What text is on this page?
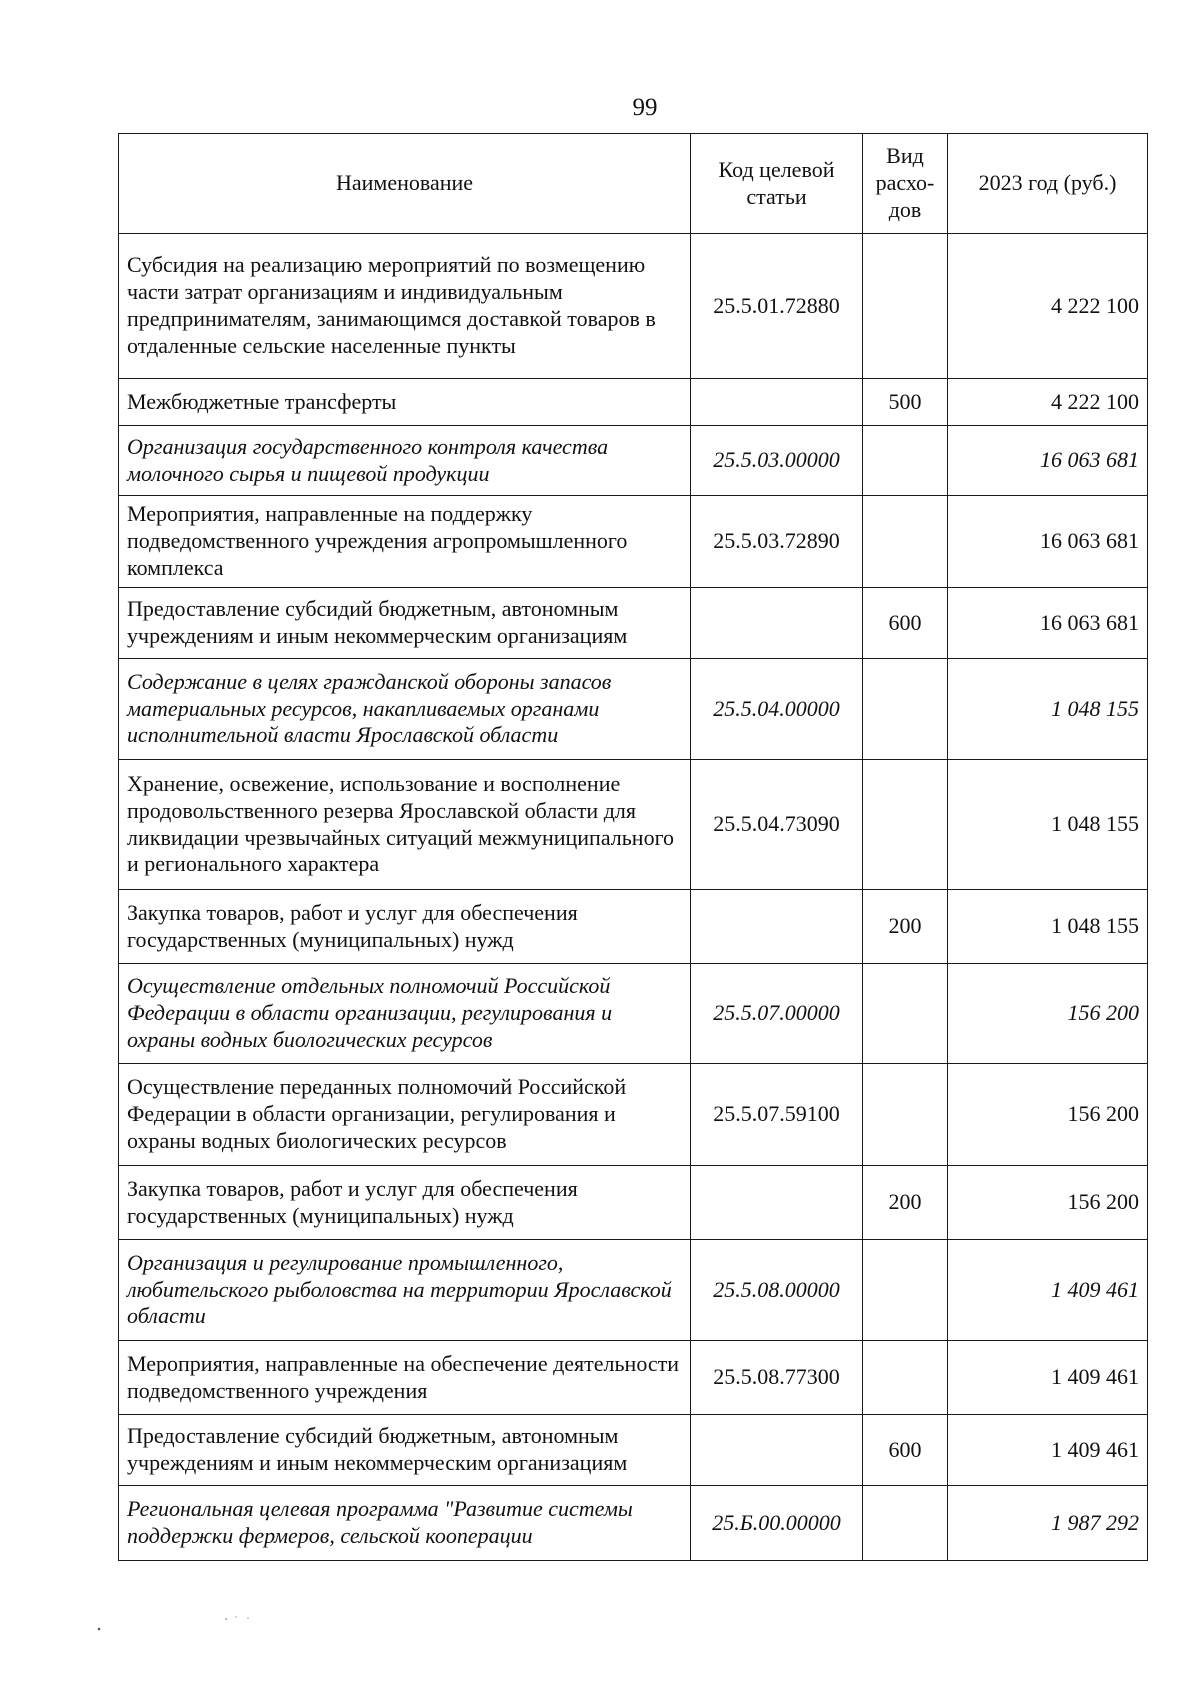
99
Наименование	Код целевой статьи	Вид расхо-дов	2023 год (руб.)
Субсидия на реализацию мероприятий по возмещению части затрат организациям и индивидуальным предпринимателям, занимающимся доставкой товаров в отдаленные сельские населенные пункты	25.5.01.72880		4 222 100
Межбюджетные трансферты		500	4 222 100
Организация государственного контроля качества молочного сырья и пищевой продукции	25.5.03.00000		16 063 681
Мероприятия, направленные на поддержку подведомственного учреждения агропромышленного комплекса	25.5.03.72890		16 063 681
Предоставление субсидий бюджетным, автономным учреждениям и иным некоммерческим организациям		600	16 063 681
Содержание в целях гражданской обороны запасов материальных ресурсов, накапливаемых органами исполнительной власти Ярославской области	25.5.04.00000		1 048 155
Хранение, освежение, использование и восполнение продовольственного резерва Ярославской области для ликвидации чрезвычайных ситуаций межмуниципального и регионального характера	25.5.04.73090		1 048 155
Закупка товаров, работ и услуг для обеспечения государственных (муниципальных) нужд		200	1 048 155
Осуществление отдельных полномочий Российской Федерации в области организации, регулирования и охраны водных биологических ресурсов	25.5.07.00000		156 200
Осуществление переданных полномочий Российской Федерации в области организации, регулирования и охраны водных биологических ресурсов	25.5.07.59100		156 200
Закупка товаров, работ и услуг для обеспечения государственных (муниципальных) нужд		200	156 200
Организация и регулирование промышленного, любительского рыболовства на территории Ярославской области	25.5.08.00000		1 409 461
Мероприятия, направленные на обеспечение деятельности подведомственного учреждения	25.5.08.77300		1 409 461
Предоставление субсидий бюджетным, автономным учреждениям и иным некоммерческим организациям		600	1 409 461
Региональная целевая программа "Развитие системы поддержки фермеров, сельской кооперации	25.Б.00.00000		1 987 292
